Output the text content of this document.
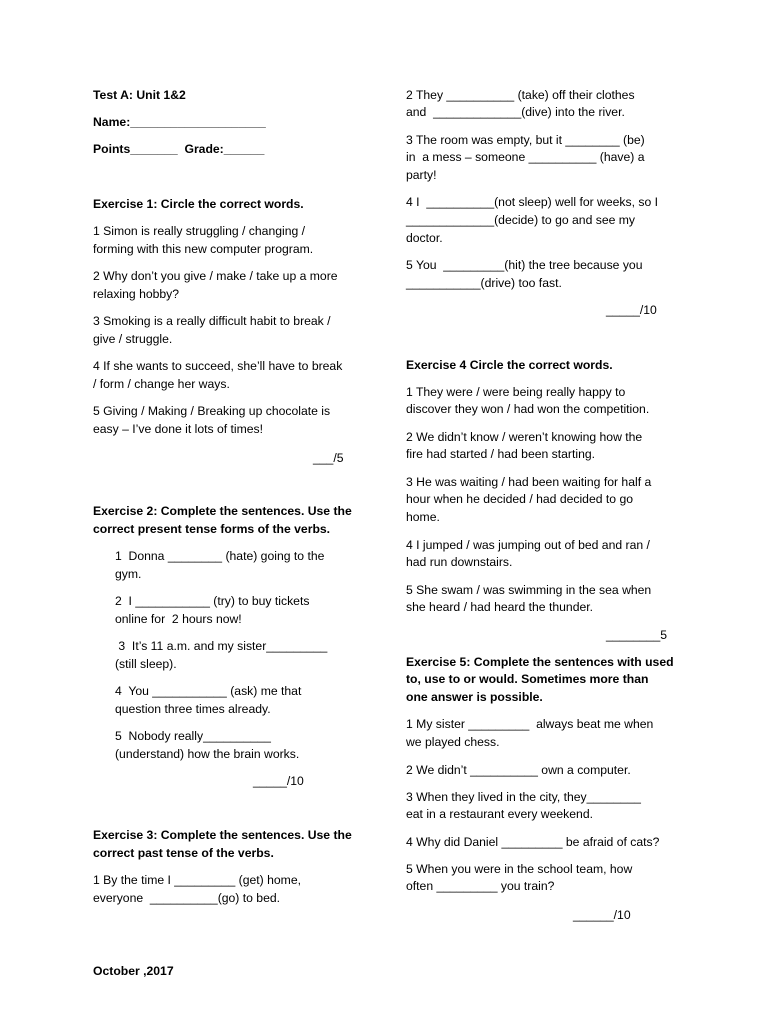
Test A: Unit 1&2
Name:____________________
Points_______  Grade:______
Exercise 1: Circle the correct words.
1 Simon is really struggling / changing /
forming with this new computer program.
2 Why don’t you give / make / take up a more
relaxing hobby?
3 Smoking is a really difficult habit to break /
give / struggle.
4 If she wants to succeed, she’ll have to break
/ form / change her ways.
5 Giving / Making / Breaking up chocolate is
easy – I’ve done it lots of times!
___/5
Exercise 2: Complete the sentences. Use the
correct present tense forms of the verbs.
1  Donna ________ (hate) going to the
gym.
2  I ___________ (try) to buy tickets
online for  2 hours now!
3  It’s 11 a.m. and my sister_________
(still sleep).
4  You ___________ (ask) me that
question three times already.
5  Nobody really__________
(understand) how the brain works.
_____/10
Exercise 3: Complete the sentences. Use the
correct past tense of the verbs.
1 By the time I _________ (get) home,
everyone  __________(go) to bed.
October ,2017
2 They __________ (take) off their clothes
and  _____________(dive) into the river.
3 The room was empty, but it ________ (be)
in  a mess – someone __________ (have) a
party!
4 I  __________(not sleep) well for weeks, so I
_____________(decide) to go and see my
doctor.
5 You  _________(hit) the tree because you
___________(drive) too fast.
_____/10
Exercise 4 Circle the correct words.
1 They were / were being really happy to
discover they won / had won the competition.
2 We didn’t know / weren’t knowing how the
fire had started / had been starting.
3 He was waiting / had been waiting for half a
hour when he decided / had decided to go
home.
4 I jumped / was jumping out of bed and ran /
had run downstairs.
5 She swam / was swimming in the sea when
she heard / had heard the thunder.
________5
Exercise 5: Complete the sentences with used
to, use to or would. Sometimes more than
one answer is possible.
1 My sister _________  always beat me when
we played chess.
2 We didn’t __________ own a computer.
3 When they lived in the city, they________
eat in a restaurant every weekend.
4 Why did Daniel _________ be afraid of cats?
5 When you were in the school team, how
often _________ you train?
______/10
